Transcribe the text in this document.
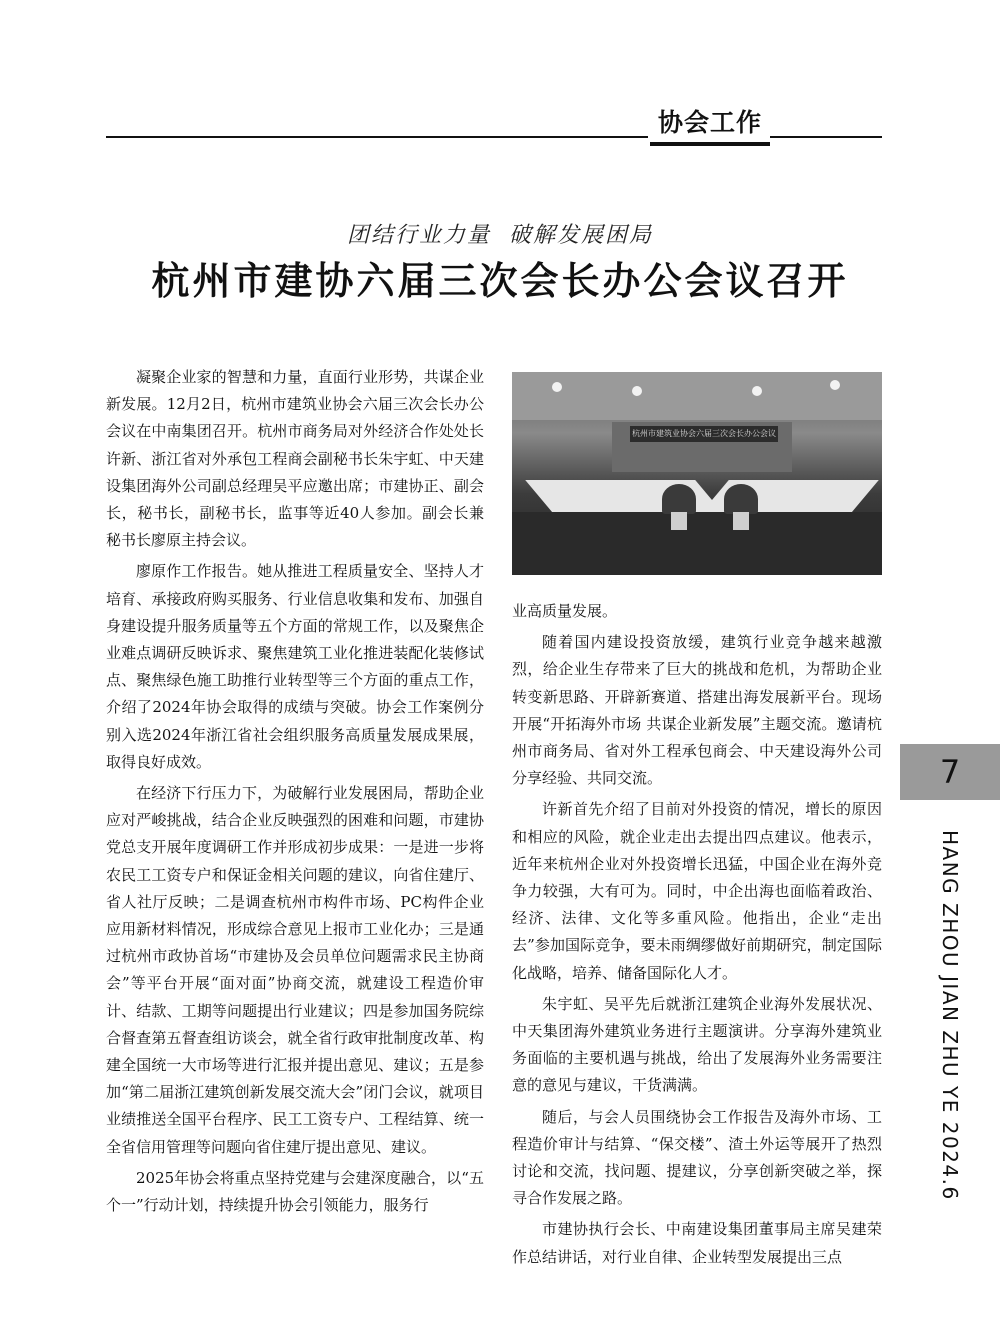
协会工作
团结行业力量  破解发展困局
杭州市建协六届三次会长办公会议召开

凝聚企业家的智慧和力量，直面行业形势，共谋企业新发展。12月2日，杭州市建筑业协会六届三次会长办公会议在中南集团召开。杭州市商务局对外经济合作处处长许新、浙江省对外承包工程商会副秘书长朱宇虹、中天建设集团海外公司副总经理吴平应邀出席；市建协正、副会长，秘书长，副秘书长，监事等近40人参加。副会长兼秘书长廖原主持会议。

廖原作工作报告。她从推进工程质量安全、坚持人才培育、承接政府购买服务、行业信息收集和发布、加强自身建设提升服务质量等五个方面的常规工作，以及聚焦企业难点调研反映诉求、聚焦建筑工业化推进装配化装修试点、聚焦绿色施工助推行业转型等三个方面的重点工作，介绍了2024年协会取得的成绩与突破。协会工作案例分别入选2024年浙江省社会组织服务高质量发展成果展，取得良好成效。

在经济下行压力下，为破解行业发展困局，帮助企业应对严峻挑战，结合企业反映强烈的困难和问题，市建协党总支开展年度调研工作并形成初步成果：一是进一步将农民工工资专户和保证金相关问题的建议，向省住建厅、省人社厅反映；二是调查杭州市构件市场、PC构件企业应用新材料情况，形成综合意见上报市工业化办；三是通过杭州市政协首场“市建协及会员单位问题需求民主协商会”等平台开展“面对面”协商交流，就建设工程造价审计、结款、工期等问题提出行业建议；四是参加国务院综合督查第五督查组访谈会，就全省行政审批制度改革、构建全国统一大市场等进行汇报并提出意见、建议；五是参加“第二届浙江建筑创新发展交流大会”闭门会议，就项目业绩推送全国平台程序、民工工资专户、工程结算、统一全省信用管理等问题向省住建厅提出意见、建议。

2025年协会将重点坚持党建与会建深度融合，以“五个一”行动计划，持续提升协会引领能力，服务行

杭州市建筑业协会六届三次会长办公会议

业高质量发展。

随着国内建设投资放缓，建筑行业竞争越来越激烈，给企业生存带来了巨大的挑战和危机，为帮助企业转变新思路、开辟新赛道、搭建出海发展新平台。现场开展“开拓海外市场 共谋企业新发展”主题交流。邀请杭州市商务局、省对外工程承包商会、中天建设海外公司分享经验、共同交流。

许新首先介绍了目前对外投资的情况，增长的原因和相应的风险，就企业走出去提出四点建议。他表示，近年来杭州企业对外投资增长迅猛，中国企业在海外竞争力较强，大有可为。同时，中企出海也面临着政治、经济、法律、文化等多重风险。他指出，企业“走出去”参加国际竞争，要未雨绸缪做好前期研究，制定国际化战略，培养、储备国际化人才。

朱宇虹、吴平先后就浙江建筑企业海外发展状况、中天集团海外建筑业务进行主题演讲。分享海外建筑业务面临的主要机遇与挑战，给出了发展海外业务需要注意的意见与建议，干货满满。

随后，与会人员围绕协会工作报告及海外市场、工程造价审计与结算、“保交楼”、渣土外运等展开了热烈讨论和交流，找问题、提建议，分享创新突破之举，探寻合作发展之路。

市建协执行会长、中南建设集团董事局主席吴建荣作总结讲话，对行业自律、企业转型发展提出三点

7
HANG ZHOU JIAN ZHU YE 2024.6
